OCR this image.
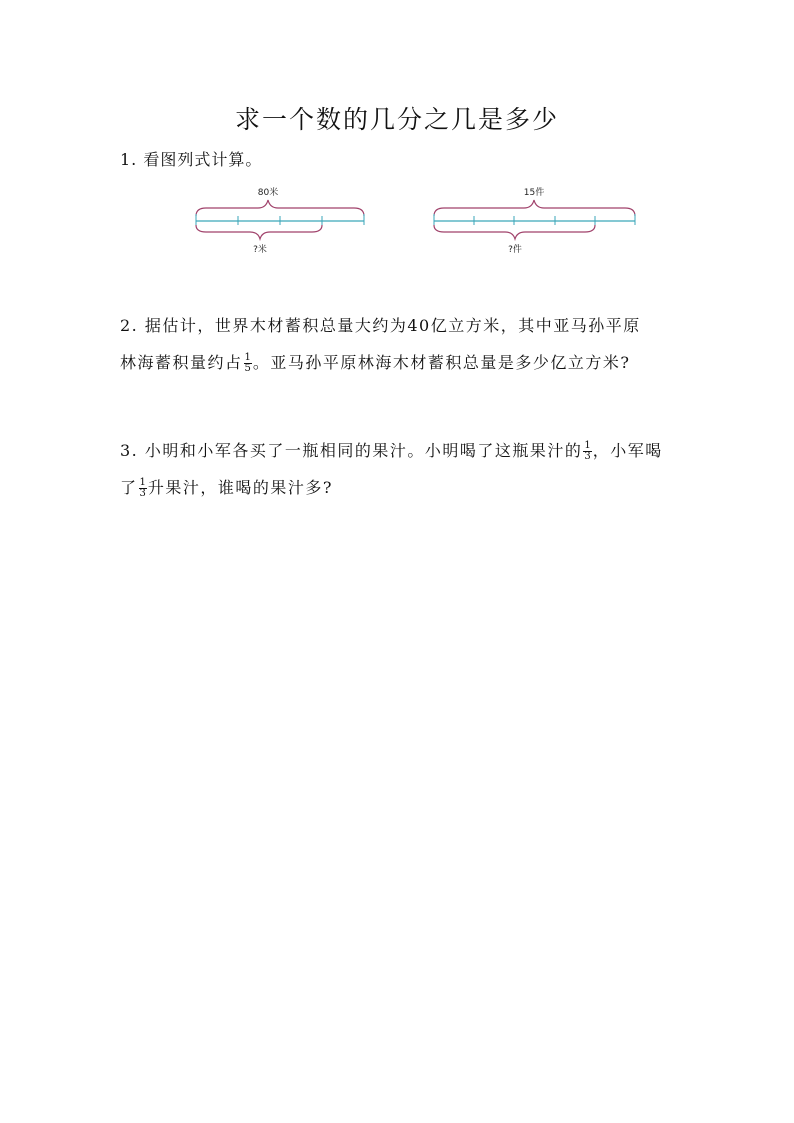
求一个数的几分之几是多少
1. 看图列式计算。
80米
?米
15件
?件
2. 据估计，世界木材蓄积总量大约为40亿立方米，其中亚马孙平原
林海蓄积量约占 $\frac{1}{5}$ 。亚马孙平原林海木材蓄积总量是多少亿立方米?
3. 小明和小军各买了一瓶相同的果汁。小明喝了这瓶果汁的 $\frac{1}{3}$ ，小军喝
了 $\frac{1}{3}$ 升果汁，谁喝的果汁多?
